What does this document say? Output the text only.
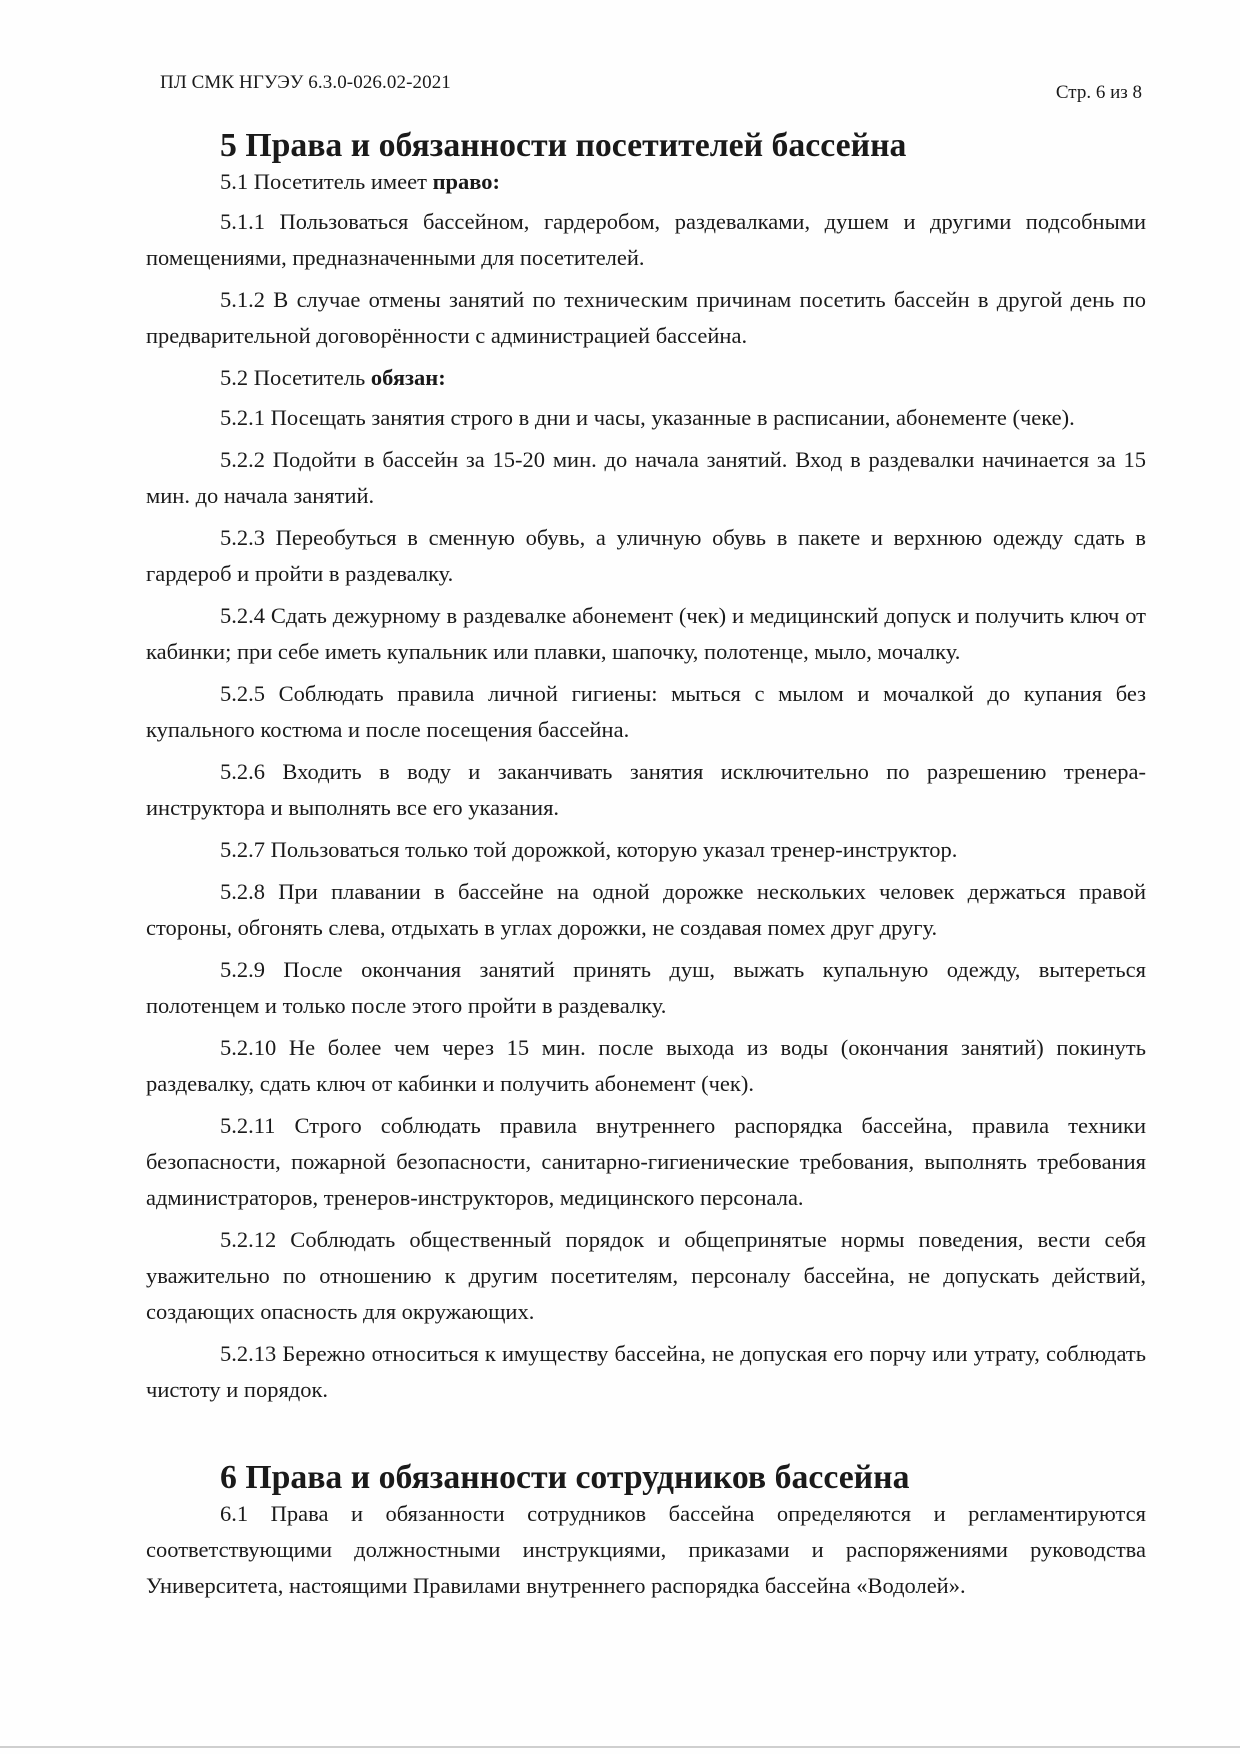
ПЛ СМК НГУЭУ 6.3.0-026.02-2021	Стр. 6 из 8
5 Права и обязанности посетителей бассейна

5.1 Посетитель имеет право:

5.1.1 Пользоваться бассейном, гардеробом, раздевалками, душем и другими подсобными помещениями, предназначенными для посетителей.

5.1.2 В случае отмены занятий по техническим причинам посетить бассейн в другой день по предварительной договорённости с администрацией бассейна.

5.2 Посетитель обязан:

5.2.1 Посещать занятия строго в дни и часы, указанные в расписании, абонементе (чеке).

5.2.2 Подойти в бассейн за 15-20 мин. до начала занятий. Вход в раздевалки начинается за 15 мин. до начала занятий.

5.2.3 Переобуться в сменную обувь, а уличную обувь в пакете и верхнюю одежду сдать в гардероб и пройти в раздевалку.

5.2.4 Сдать дежурному в раздевалке абонемент (чек) и медицинский допуск и получить ключ от кабинки; при себе иметь купальник или плавки, шапочку, полотенце, мыло, мочалку.

5.2.5 Соблюдать правила личной гигиены: мыться с мылом и мочалкой до купания без купального костюма и после посещения бассейна.

5.2.6 Входить в воду и заканчивать занятия исключительно по разрешению тренера-инструктора и выполнять все его указания.

5.2.7 Пользоваться только той дорожкой, которую указал тренер-инструктор.

5.2.8 При плавании в бассейне на одной дорожке нескольких человек держаться правой стороны, обгонять слева, отдыхать в углах дорожки, не создавая помех друг другу.

5.2.9 После окончания занятий принять душ, выжать купальную одежду, вытереться полотенцем и только после этого пройти в раздевалку.

5.2.10 Не более чем через 15 мин. после выхода из воды (окончания занятий) покинуть раздевалку, сдать ключ от кабинки и получить абонемент (чек).

5.2.11 Строго соблюдать правила внутреннего распорядка бассейна, правила техники безопасности, пожарной безопасности, санитарно-гигиенические требования, выполнять требования администраторов, тренеров-инструкторов, медицинского персонала.

5.2.12 Соблюдать общественный порядок и общепринятые нормы поведения, вести себя уважительно по отношению к другим посетителям, персоналу бассейна, не допускать действий, создающих опасность для окружающих.

5.2.13 Бережно относиться к имуществу бассейна, не допуская его порчу или утрату, соблюдать чистоту и порядок.

6 Права и обязанности сотрудников бассейна

6.1 Права и обязанности сотрудников бассейна определяются и регламентируются соответствующими должностными инструкциями, приказами и распоряжениями руководства Университета, настоящими Правилами внутреннего распорядка бассейна «Водолей».
